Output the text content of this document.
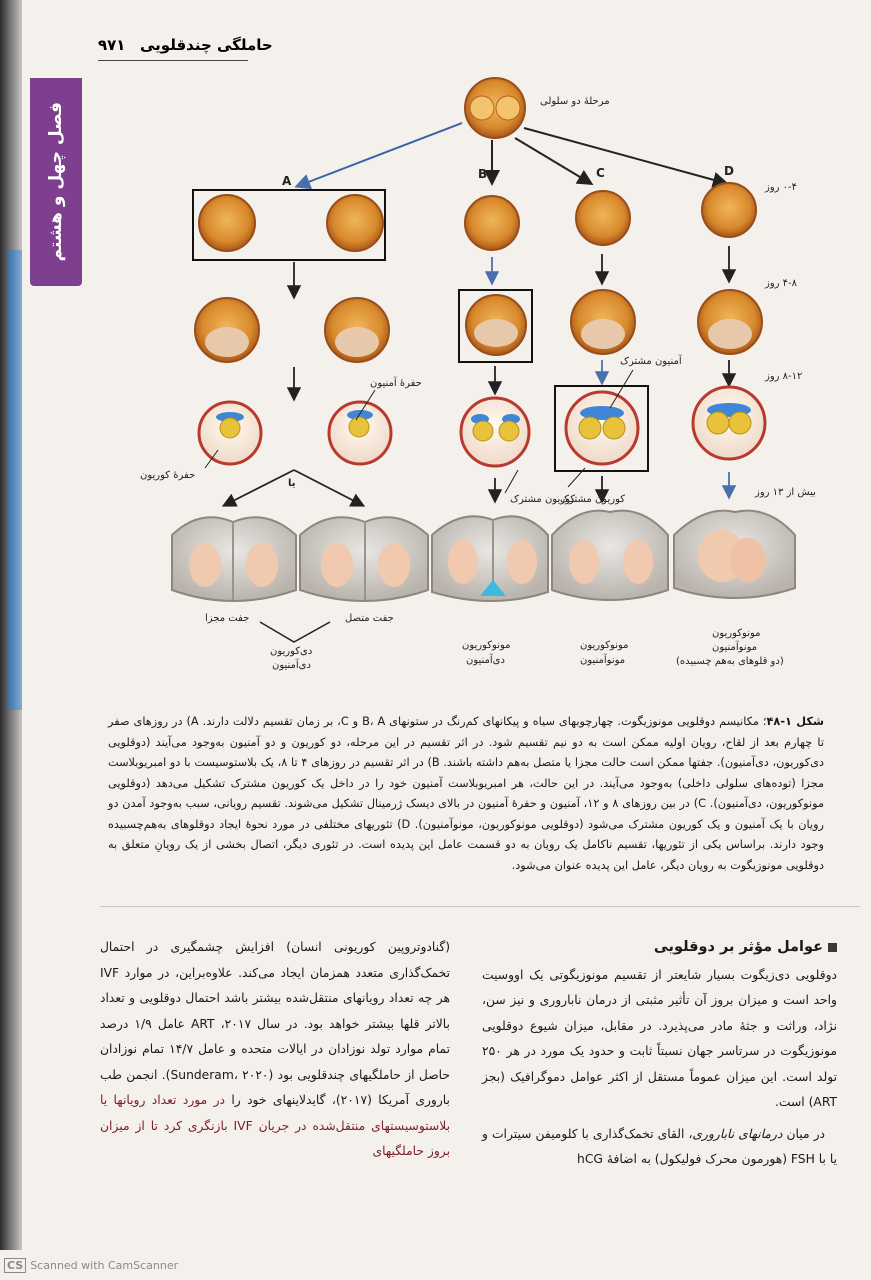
فصل چهل و هشتم
حاملگی چندقلویی
۹۷۱
A	B	C	D
مرحلهٔ دو سلولی
۰-۴ روز
۴-۸ روز
۸-۱۲ روز
بیش از ۱۳ روز
حفرهٔ آمنیون
حفرهٔ کوریون
آمنیون مشترک
کوریون مشترک
کوریون مشترک
یا
جفت مجزا	جفت متصل
دی‌کوریون
دی‌آمنیون
مونوکوریون
دی‌آمنیون
مونوکوریون
مونوآمنیون
مونوکوریون
مونوآمنیون
(دو قلوهای به‌هم چسبیده)
شکل ۱-۴۸؛ مکانیسم دوقلویی مونوزیگوت. چهارچوبهای سیاه و پیکانهای کم‌رنگ در ستونهای B، A و C، بر زمان تقسیم دلالت دارند. A) در روزهای صفر تا چهارم بعد از لقاح، رویان اولیه ممکن است به دو نیم تقسیم شود. در اثر تقسیم در این مرحله، دو کوریون و دو آمنیون به‌وجود می‌آیند (دوقلویی دی‌کوریون، دی‌آمنیون). جفتها ممکن است حالت مجزا یا متصل به‌هم داشته باشند. B) در اثر تقسیم در روزهای ۴ تا ۸، یک بلاستوسیست با دو امبریوبلاست مجزا (توده‌های سلولی داخلی) به‌وجود می‌آیند. در این حالت، هر امبریوبلاست آمنیون خود را در داخل یک کوریون مشترک تشکیل می‌دهد (دوقلویی مونوکوریون، دی‌آمنیون). C) در بین روزهای ۸ و ۱۲، آمنیون و حفرهٔ آمنیون در بالای دیسک ژرمینال تشکیل می‌شوند. تقسیم رویانی، سبب به‌وجود آمدن دو رویان با یک آمنیون و یک کوریون مشترک می‌شود (دوقلویی مونوکوریون، مونوآمنیون). D) تئوریهای مختلفی در مورد نحوهٔ ایجاد دوقلوهای به‌هم‌چسبیده وجود دارند. براساس یکی از تئوریها، تقسیم ناکامل یک رویان به دو قسمت عامل این پدیده است. در تئوری دیگر، اتصال بخشی از یک رویانِ متعلق به دوقلویی مونوزیگوت به رویان دیگر، عامل این پدیده عنوان می‌شود.
عوامل مؤثر بر دوقلویی
دوقلویی دی‌زیگوت بسیار شایعتر از تقسیم مونوزیگوتی یک اووسیت واحد است و میزان بروز آن تأثیر مثبتی از درمان ناباروری و نیز سن، نژاد، وراثت و جثهٔ مادر می‌پذیرد. در مقابل، میزان شیوع دوقلویی مونوزیگوت در سرتاسر جهان نسبتاً ثابت و حدود یک مورد در هر ۲۵۰ تولد است. این میزان عموماً مستقل از اکثر عوامل دموگرافیک (بجز ART) است.
در میان درمانهای ناباروری، القای تخمک‌گذاری با کلومیفن سیترات و یا با FSH (هورمون محرک فولیکول) به اضافهٔ hCG
(گنادوتروپین کوریونی انسان) افزایش چشمگیری در احتمال تخمک‌گذاری متعدد همزمان ایجاد می‌کند. علاوه‌براین، در موارد IVF هر چه تعداد رویانهای منتقل‌شده بیشتر باشد احتمال دوقلویی و تعداد بالاتر قلها بیشتر خواهد بود. در سال ۲۰۱۷، ART عامل ۱/۹ درصد تمام موارد تولد نوزادان در ایالات متحده و عامل ۱۴/۷ تمام نوزادان حاصل از حاملگیهای چندقلویی بود (Sunderam، ۲۰۲۰). انجمن طب باروری آمریکا (۲۰۱۷)، گایدلاینهای خود را در مورد تعداد رویانها یا بلاستوسیستهای منتقل‌شده در جریان IVF بازنگری کرد تا از میزان بروز حاملگیهای
CS Scanned with CamScanner
